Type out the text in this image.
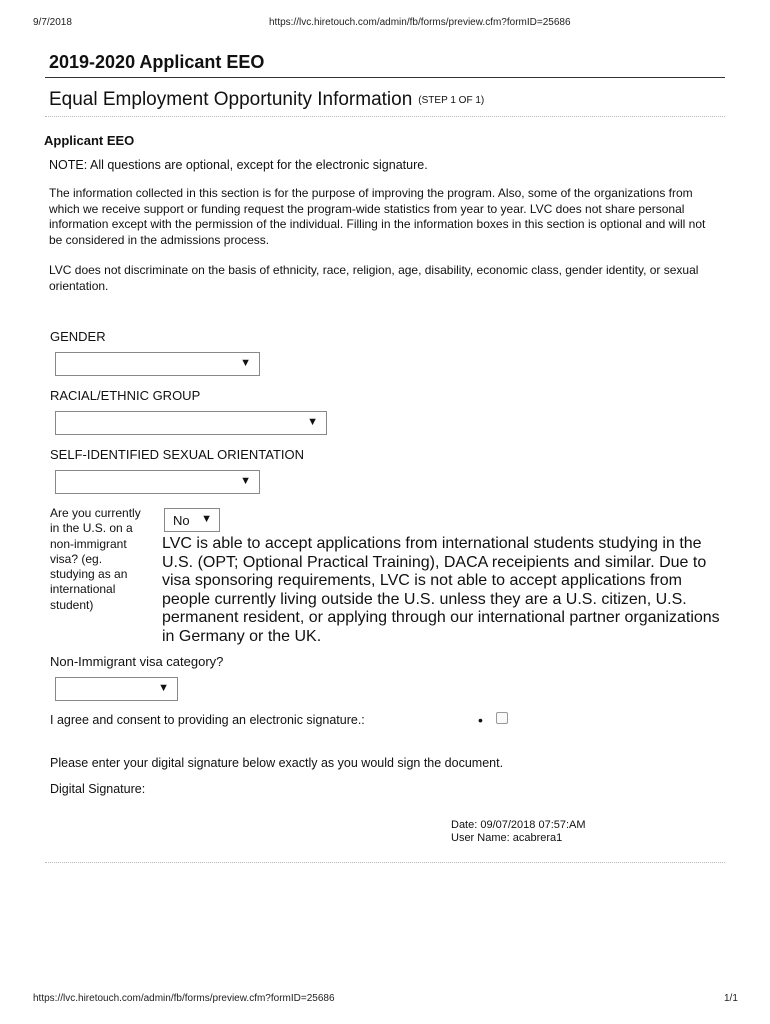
9/7/2018	https://lvc.hiretouch.com/admin/fb/forms/preview.cfm?formID=25686
2019-2020 Applicant EEO
Equal Employment Opportunity Information (STEP 1 OF 1)
Applicant EEO
NOTE: All questions are optional, except for the electronic signature.
The information collected in this section is for the purpose of improving the program. Also, some of the organizations from which we receive support or funding request the program-wide statistics from year to year. LVC does not share personal information except with the permission of the individual. Filling in the information boxes in this section is optional and will not be considered in the admissions process.
LVC does not discriminate on the basis of ethnicity, race, religion, age, disability, economic class, gender identity, or sexual orientation.
GENDER
▼
RACIAL/ETHNIC GROUP
▼
SELF-IDENTIFIED SEXUAL ORIENTATION
▼
Are you currently in the U.S. on a non-immigrant visa? (eg. studying as an international student)
No ▼
LVC is able to accept applications from international students studying in the U.S. (OPT; Optional Practical Training), DACA receipients and similar. Due to visa sponsoring requirements, LVC is not able to accept applications from people currently living outside the U.S. unless they are a U.S. citizen, U.S. permanent resident, or applying through our international partner organizations in Germany or the UK.
Non-Immigrant visa category?
▼
I agree and consent to providing an electronic signature.:	•
Please enter your digital signature below exactly as you would sign the document.
Digital Signature:
Date: 09/07/2018 07:57:AM
User Name: acabrera1
https://lvc.hiretouch.com/admin/fb/forms/preview.cfm?formID=25686	1/1
